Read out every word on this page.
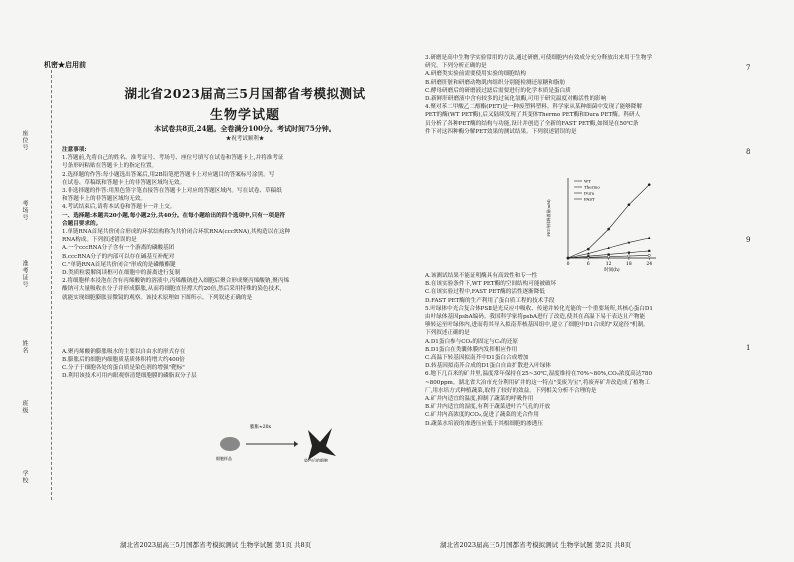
座位号
考场号
准考证号
姓名
班级
学校
机密★启用前
湖北省2023届高三5月国都省考模拟测试
生物学试题
本试卷共8页,24题。全卷满分100分。考试时间75分钟。
★祝考试顺利★

注意事项:

1.答题前,先将自己的姓名、准考证号、考场号、座位号填写在试卷和答题卡上,并将准考证

号条形码粘贴在答题卡上的指定位置。

2.选择题的作答:每小题选出答案后,用2B铅笔把答题卡上对应题目的答案标号涂黑。写

在试卷、草稿纸和答题卡上的非答题区域均无效。

3.非选择题的作答:用黑色签字笔直接答在答题卡上对应的答题区域内。写在试卷、草稿纸

和答题卡上的非答题区域均无效。

4.考试结束后,请将本试卷和答题卡一并上交。

一、选择题:本题共20小题,每小题2分,共40分。在每小题给出的四个选项中,只有一项是符

合题目要求的。

1.单链RNA首尾共价闭合形成的环状结构称为共价闭合环状RNA(cccRNA),其构造以在这种

RNA构成。下列叙述错误的是

A.一个cccRNA分子含有一个游离的磷酸基团

B.cccRNA分子的内部可以存在碱基互补配对

C."单链RNA首尾共价闭合"形成的是磷酸酯键

D.类质粒裂解阅读框可在细胞中的游离进行复制

2.将细胞样本浸泡在含有丙烯酸钠的溶液中,丙烯酸钠进入细胞后聚合形成聚丙烯酸钠,聚丙烯

酸钠可大量吸收水分子并形成膨胀,从而将细胞直径撑大约20倍,然后采用特殊的染色技术,

就能实现细胞膨胀显微镜的观察。该技术原理如下图所示。下列叙述正确的是

A.聚丙烯酸钠膨胀吸水的主要以自由水的形式存在

B.膨胀后的细胞内细胞质基质体积将增大约400倍

C.分子于细胞各处的蛋白质是染色剂的增强"靶标"

D.利用该技术可用内眼观察清楚细胞膜的磷脂双分子层

膨胀≈20x
细胞样品	染色后的细胞

3.研磨是高中生物学实验常用的方法,通过研磨,可使细胞内有效成分充分释放出来用于生物学

研究。下列分析正确的是

A.研磨类实验前需要使用实验的细胞结构

B.研磨肝脏和研磨动物肌肉组织分别能检测还原糖和脂肪

C.酵母研磨后的研磨液过滤后需要进行的化学本质是蛋白质

D.新鲜肝研磨液中含有较多的过氧化氢酶,可用于研究温度对酶活性的影响

4.聚对苯二甲酸乙二醇酯(PET)是一种废塑料塑料。科学家从某种细菌中发现了能够降解

PET的酶(WT PET酶),后又陆续发现了其变体Thermo PET酶和Dura PET酶。科研人

员分析了各种PET酶的结构与功能,设计并创造了全新的FAST PET酶,如图是在50℃条

件下对这四种酶分解PET效果的测试结果。下列叙述错误的是

0	6	12	18	24
PET单体释放量(mM)
时间(h)
WT
Thermo
Dura
FAST

A.该测试结果不能证明酶具有高效性和专一性

B.在该实验条件下,WT PET酶的空间结构可能被破坏

C.在该实验过程中,FAST PET酶的活性逐渐降低

D.FAST PET酶的生产利用了蛋白质工程的技术手段

5.叶绿体中光合复合体PSⅡ是光反应中吸收、传递并转化光能的一个重要场所,其核心蛋白D1

由叶绿体基因psbA编码。我国科学家将psbA进行了改造,使其在高温下易于表达且产物能

够转运至叶绿体内,进而将其导入拟南芥核基因组中,建立了细胞中D1合成的"双途径"机制。

下列叙述正确的是

A.D1蛋白参与CO₂的固定与C₃的还原

B.D1蛋白在类囊体膜内发挥相应作用

C.高温下转基因拟南芥中D1蛋白合成增加

D.转基因拟南芥合成的D1蛋白自由扩散进入叶绿体

6.地下几百米的矿井里,温度常年保持在25~30℃,湿度维持在70%~80%,CO₂浓度高达780

~800ppm。湖北省大冶市充分利用矿井的这一特点"变废为宝",将废弃矿井改造成了植物工

厂,用水培方式种植蔬菜,取得了较好的效益。下列相关分析不合理的是

A.矿井内适宜的温度,抑制了蔬菜的呼吸作用

B.矿井内适宜的湿度,有利于蔬菜进叶片气孔的开放

C.矿井内高浓度的CO₂,促进了蔬菜的光合作用

D.蔬菜水培液的渗透压应低于其根细胞的渗透压

湖北省2023届高三5月国都省考模拟测试 生物学试题 第1页 共8页	湖北省2023届高三5月国都省考模拟测试 生物学试题 第2页 共8页
7
8
9
1
